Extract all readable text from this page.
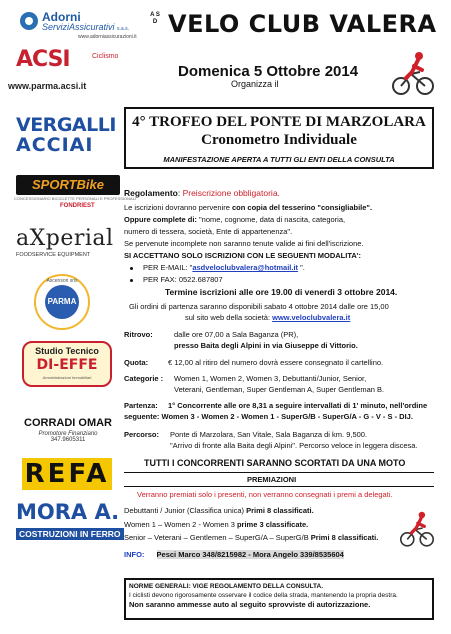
Adorni
ServiziAssicurativi s.a.s.
www.adorniassicurazioni.it
A S D VELO CLUB VALERA
Domenica 5 Ottobre 2014
Organizza il
ACSI	Ciclismo
www.parma.acsi.it
VERGALLI
ACCIAI
SPORTBike
CONCESSIONARIO BICICLETTE PERSONALI E PROFESSIONALI
FONDRIEST
aXperial
FOODSERVICE EQUIPMENT
Ascensori srls
PARMA
Studio Tecnico
DI-EFFE
Amministrazioni Immobiliari
CORRADI OMAR
Promotore Finanziario
347.9605311
REFA
MORA A.
COSTRUZIONI IN FERRO
4° TROFEO DEL PONTE DI MARZOLARA
Cronometro Individuale
MANIFESTAZIONE APERTA A TUTTI GLI ENTI DELLA CONSULTA
Regolamento: Preiscrizione obbligatoria.
Le iscrizioni dovranno pervenire con copia del tesserino "consigliabile".
Oppure complete di: "nome, cognome, data di nascita, categoria,
numero di tessera, società, Ente di appartenenza".
Se pervenute incomplete non saranno tenute valide ai fini dell'iscrizione.
SI ACCETTANO SOLO ISCRIZIONI CON LE SEGUENTI MODALITA':
PER E-MAIL: "asdveloclubvalera@hotmail.it ".
PER FAX: 0522.687807
Termine iscrizioni alle ore 19.00 di venerdì 3 ottobre 2014.
Gli ordini di partenza saranno disponibili sabato 4 ottobre 2014 dalle ore 15,00
sul sito web della società: www.veloclubvalera.it
Ritrovo:	dalle ore 07,00 a Sala Baganza (PR),
presso Baita degli Alpini in via Giuseppe di Vittorio.
Quota:	€ 12,00 al ritiro del numero dovrà essere consegnato il cartellino.
Categorie : Women 1, Women 2, Women 3, Debuttanti/Junior, Senior,
Veterani, Gentleman, Super Gentleman A, Super Gentleman B.
Partenza: 1° Concorrente alle ore 8,31 a seguire intervallati di 1' minuto, nell'ordine
seguente: Women 3 - Women 2 - Women 1 - SuperG/B - SuperG/A - G - V - S - DIJ.
Percorso: Ponte di Marzolara, San Vitale, Sala Baganza di km. 9,500.
"Arrivo di fronte alla Baita degli Alpini". Percorso veloce in leggera discesa.
TUTTI I CONCORRENTI SARANNO SCORTATI DA UNA MOTO
PREMIAZIONI
Verranno premiati solo i presenti, non verranno consegnati i premi a delegati.
Debuttanti / Junior (Classifica unica) Primi 8 classificati.
Women 1 – Women 2 - Women 3 prime 3 classificate.
Senior – Veterani – Gentlemen – SuperG/A – SuperG/B Primi 8 classificati.
INFO: Pesci Marco 348/8215982 - Mora Angelo 339/8535604
NORME GENERALI: VIGE REGOLAMENTO DELLA CONSULTA.
I ciclisti devono rigorosamente osservare il codice della strada, mantenendo la propria destra.
Non saranno ammesse auto al seguito sprovviste di autorizzazione.
